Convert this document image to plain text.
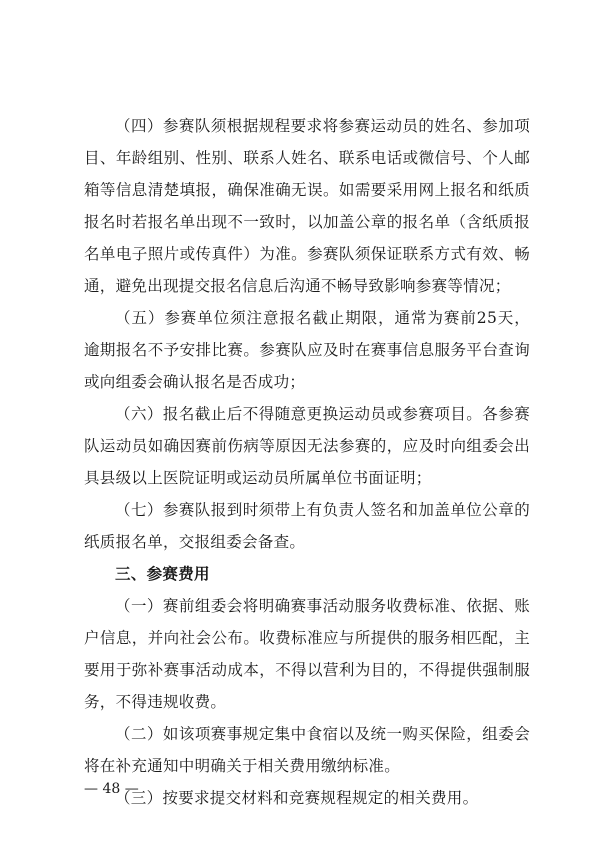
（四）参赛队须根据规程要求将参赛运动员的姓名、参加项目、年龄组别、性别、联系人姓名、联系电话或微信号、个人邮箱等信息清楚填报，确保准确无误。如需要采用网上报名和纸质报名时若报名单出现不一致时，以加盖公章的报名单（含纸质报名单电子照片或传真件）为准。参赛队须保证联系方式有效、畅通，避免出现提交报名信息后沟通不畅导致影响参赛等情况；

（五）参赛单位须注意报名截止期限，通常为赛前25天，逾期报名不予安排比赛。参赛队应及时在赛事信息服务平台查询或向组委会确认报名是否成功；

（六）报名截止后不得随意更换运动员或参赛项目。各参赛队运动员如确因赛前伤病等原因无法参赛的，应及时向组委会出具县级以上医院证明或运动员所属单位书面证明；

（七）参赛队报到时须带上有负责人签名和加盖单位公章的纸质报名单，交报组委会备查。

三、参赛费用

（一）赛前组委会将明确赛事活动服务收费标准、依据、账户信息，并向社会公布。收费标准应与所提供的服务相匹配，主要用于弥补赛事活动成本，不得以营利为目的，不得提供强制服务，不得违规收费。

（二）如该项赛事规定集中食宿以及统一购买保险，组委会将在补充通知中明确关于相关费用缴纳标准。

（三）按要求提交材料和竞赛规程规定的相关费用。

— 48 —
